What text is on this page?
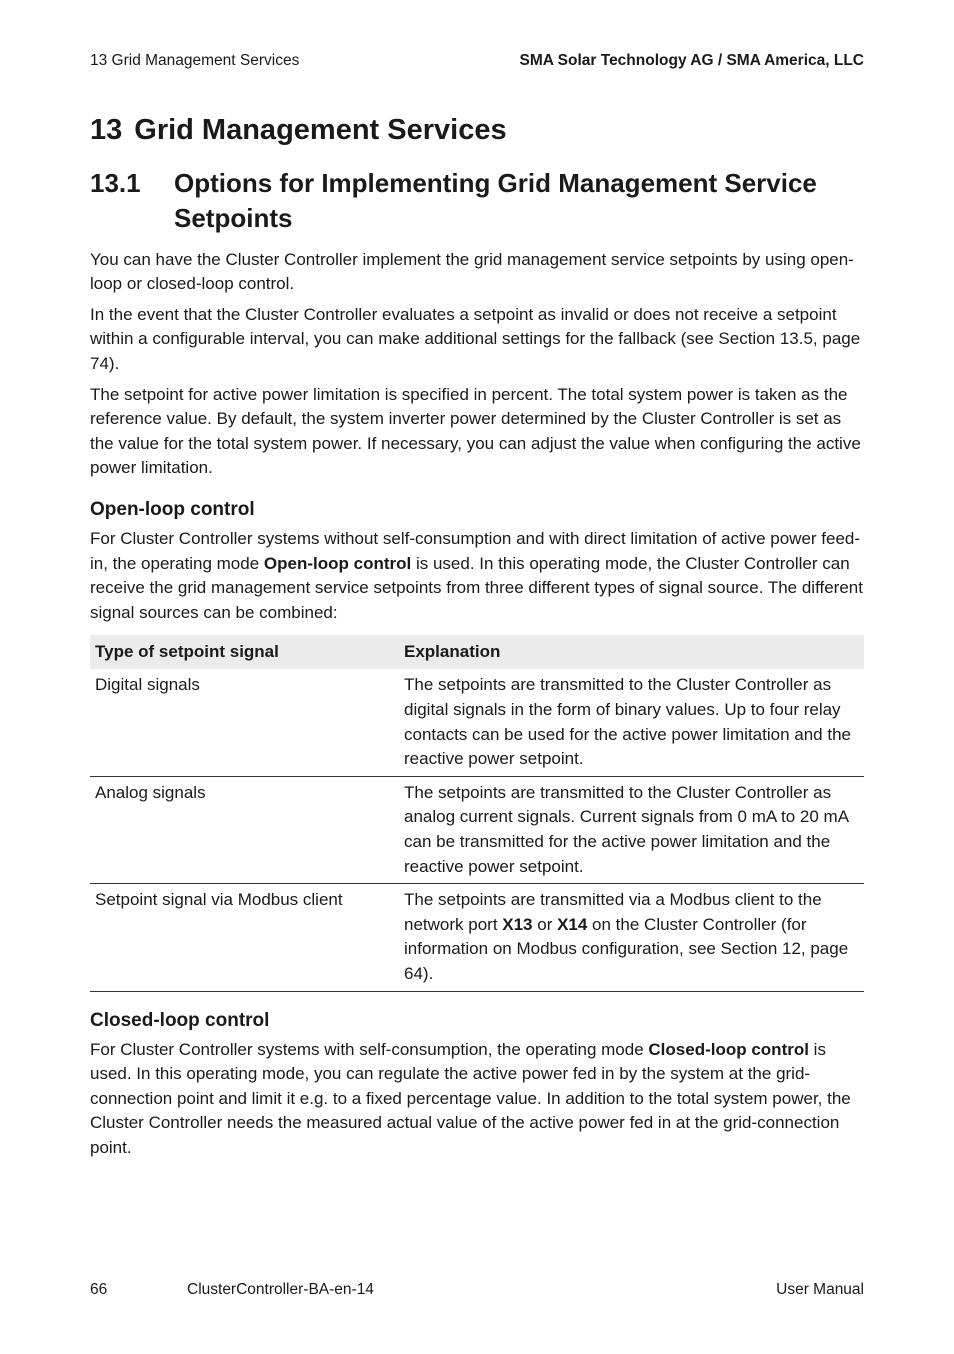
13 Grid Management Services	SMA Solar Technology AG / SMA America, LLC
13 Grid Management Services
13.1	Options for Implementing Grid Management Service Setpoints

You can have the Cluster Controller implement the grid management service setpoints by using open-loop or closed-loop control.

In the event that the Cluster Controller evaluates a setpoint as invalid or does not receive a setpoint within a configurable interval, you can make additional settings for the fallback (see Section 13.5, page 74).

The setpoint for active power limitation is specified in percent. The total system power is taken as the reference value. By default, the system inverter power determined by the Cluster Controller is set as the value for the total system power. If necessary, you can adjust the value when configuring the active power limitation.

Open-loop control

For Cluster Controller systems without self-consumption and with direct limitation of active power feed-in, the operating mode Open-loop control is used. In this operating mode, the Cluster Controller can receive the grid management service setpoints from three different types of signal source. The different signal sources can be combined:

Type of setpoint signal	Explanation
Digital signals	The setpoints are transmitted to the Cluster Controller as digital signals in the form of binary values. Up to four relay contacts can be used for the active power limitation and the reactive power setpoint.
Analog signals	The setpoints are transmitted to the Cluster Controller as analog current signals. Current signals from 0 mA to 20 mA can be transmitted for the active power limitation and the reactive power setpoint.
Setpoint signal via Modbus client	The setpoints are transmitted via a Modbus client to the network port X13 or X14 on the Cluster Controller (for information on Modbus configuration, see Section 12, page 64).
Closed-loop control

For Cluster Controller systems with self-consumption, the operating mode Closed-loop control is used. In this operating mode, you can regulate the active power fed in by the system at the grid-connection point and limit it e.g. to a fixed percentage value. In addition to the total system power, the Cluster Controller needs the measured actual value of the active power fed in at the grid-connection point.

66	ClusterController-BA-en-14	User Manual
